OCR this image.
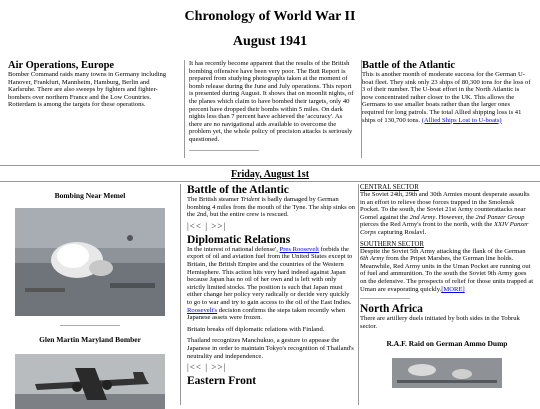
Chronology of World War II
August 1941
Air Operations, Europe

Bomber Command raids many towns in Germany including Hanover, Frankfurt, Mannheim, Hamburg, Berlin and Karlsruhe. There are also sweeps by fighters and fighter-bombers over northern France and the Low Countries. Rotterdam is among the targets for these operations.

It has recently become apparent that the results of the British bombing offensive have been very poor. The Butt Report is prepared from studying photographs taken at the moment of bomb release during the June and July operations. This report is presented during August. It shows that on moonlit nights, of the planes which claim to have bombed their targets, only 40 percent have dropped their bombs within 5 miles. On dark nights less than 7 percent have achieved the 'accuracy'. As there are no navigational aids available to overcome the problem yet, the whole policy of precision attacks is seriously questioned.

Battle of the Atlantic

This is another month of moderate success for the German U-boat fleet. They sink only 23 ships of 80,300 tons for the loss of 3 of their number. The U-boat effort in the North Atlantic is now concentrated rather closer to the UK. This allows the Germans to use smaller boats rather than the larger ones required for long patrols. The total Allied shipping loss is 41 ships of 130,700 tons. (Allied Ships Lost to U-boats)

Friday, August 1st
Bombing Near Memel
Glen Martin Maryland Bomber
Battle of the Atlantic

The British steamer Trident is badly damaged by German bombing 4 miles from the mouth of the Tyne. The ship sinks on the 2nd, but the entire crew is rescued.

|<< | >>|
Diplomatic Relations

In the interest of national defense', Pres Roosevelt forbids the export of oil and aviation fuel from the United States except to Britain, the British Empire and the countries of the Western Hemisphere. This action hits very hard indeed against Japan because Japan has no oil of her own and is left with only strictly limited stocks. The position is such that Japan must either change her policy very radically or decide very quickly to go to war and try to gain access to the oil of the East Indies. Roosevelt's decision confirms the steps taken recently when Japanese assets were frozen.

Britain breaks off diplomatic relations with Finland.

Thailand recognizes Manchukuo, a gesture to appease the Japanese in order to maintain Tokyo's recognition of Thailand's neutrality and independence.

|<< | >>|
Eastern Front
CENTRAL SECTOR

The Soviet 24th, 29th and 30th Armies mount desperate assaults in an effort to relieve those forces trapped in the Smolensk Pocket. To the south, the Soviet 21st Army counterattacks near Gomel against the 2nd Army. However, the 2nd Panzer Group pierces the Red Army's front to the north, with the XXIV Panzer Corps capturing Roslavl.

SOUTHERN SECTOR

Despite the Soviet 5th Army attacking the flank of the German 6th Army from the Pripet Marshes, the German line holds. Meanwhile, Red Army units in the Uman Pocket are running out of fuel and ammunition. To the south the Soviet 9th Army goes on the defensive. The prospects of relief for those units trapped at Uman are evaporating quickly.[MORE]

North Africa

There are artillery duels initiated by both sides in the Tobruk sector.

R.A.F. Raid on German Ammo Dump
